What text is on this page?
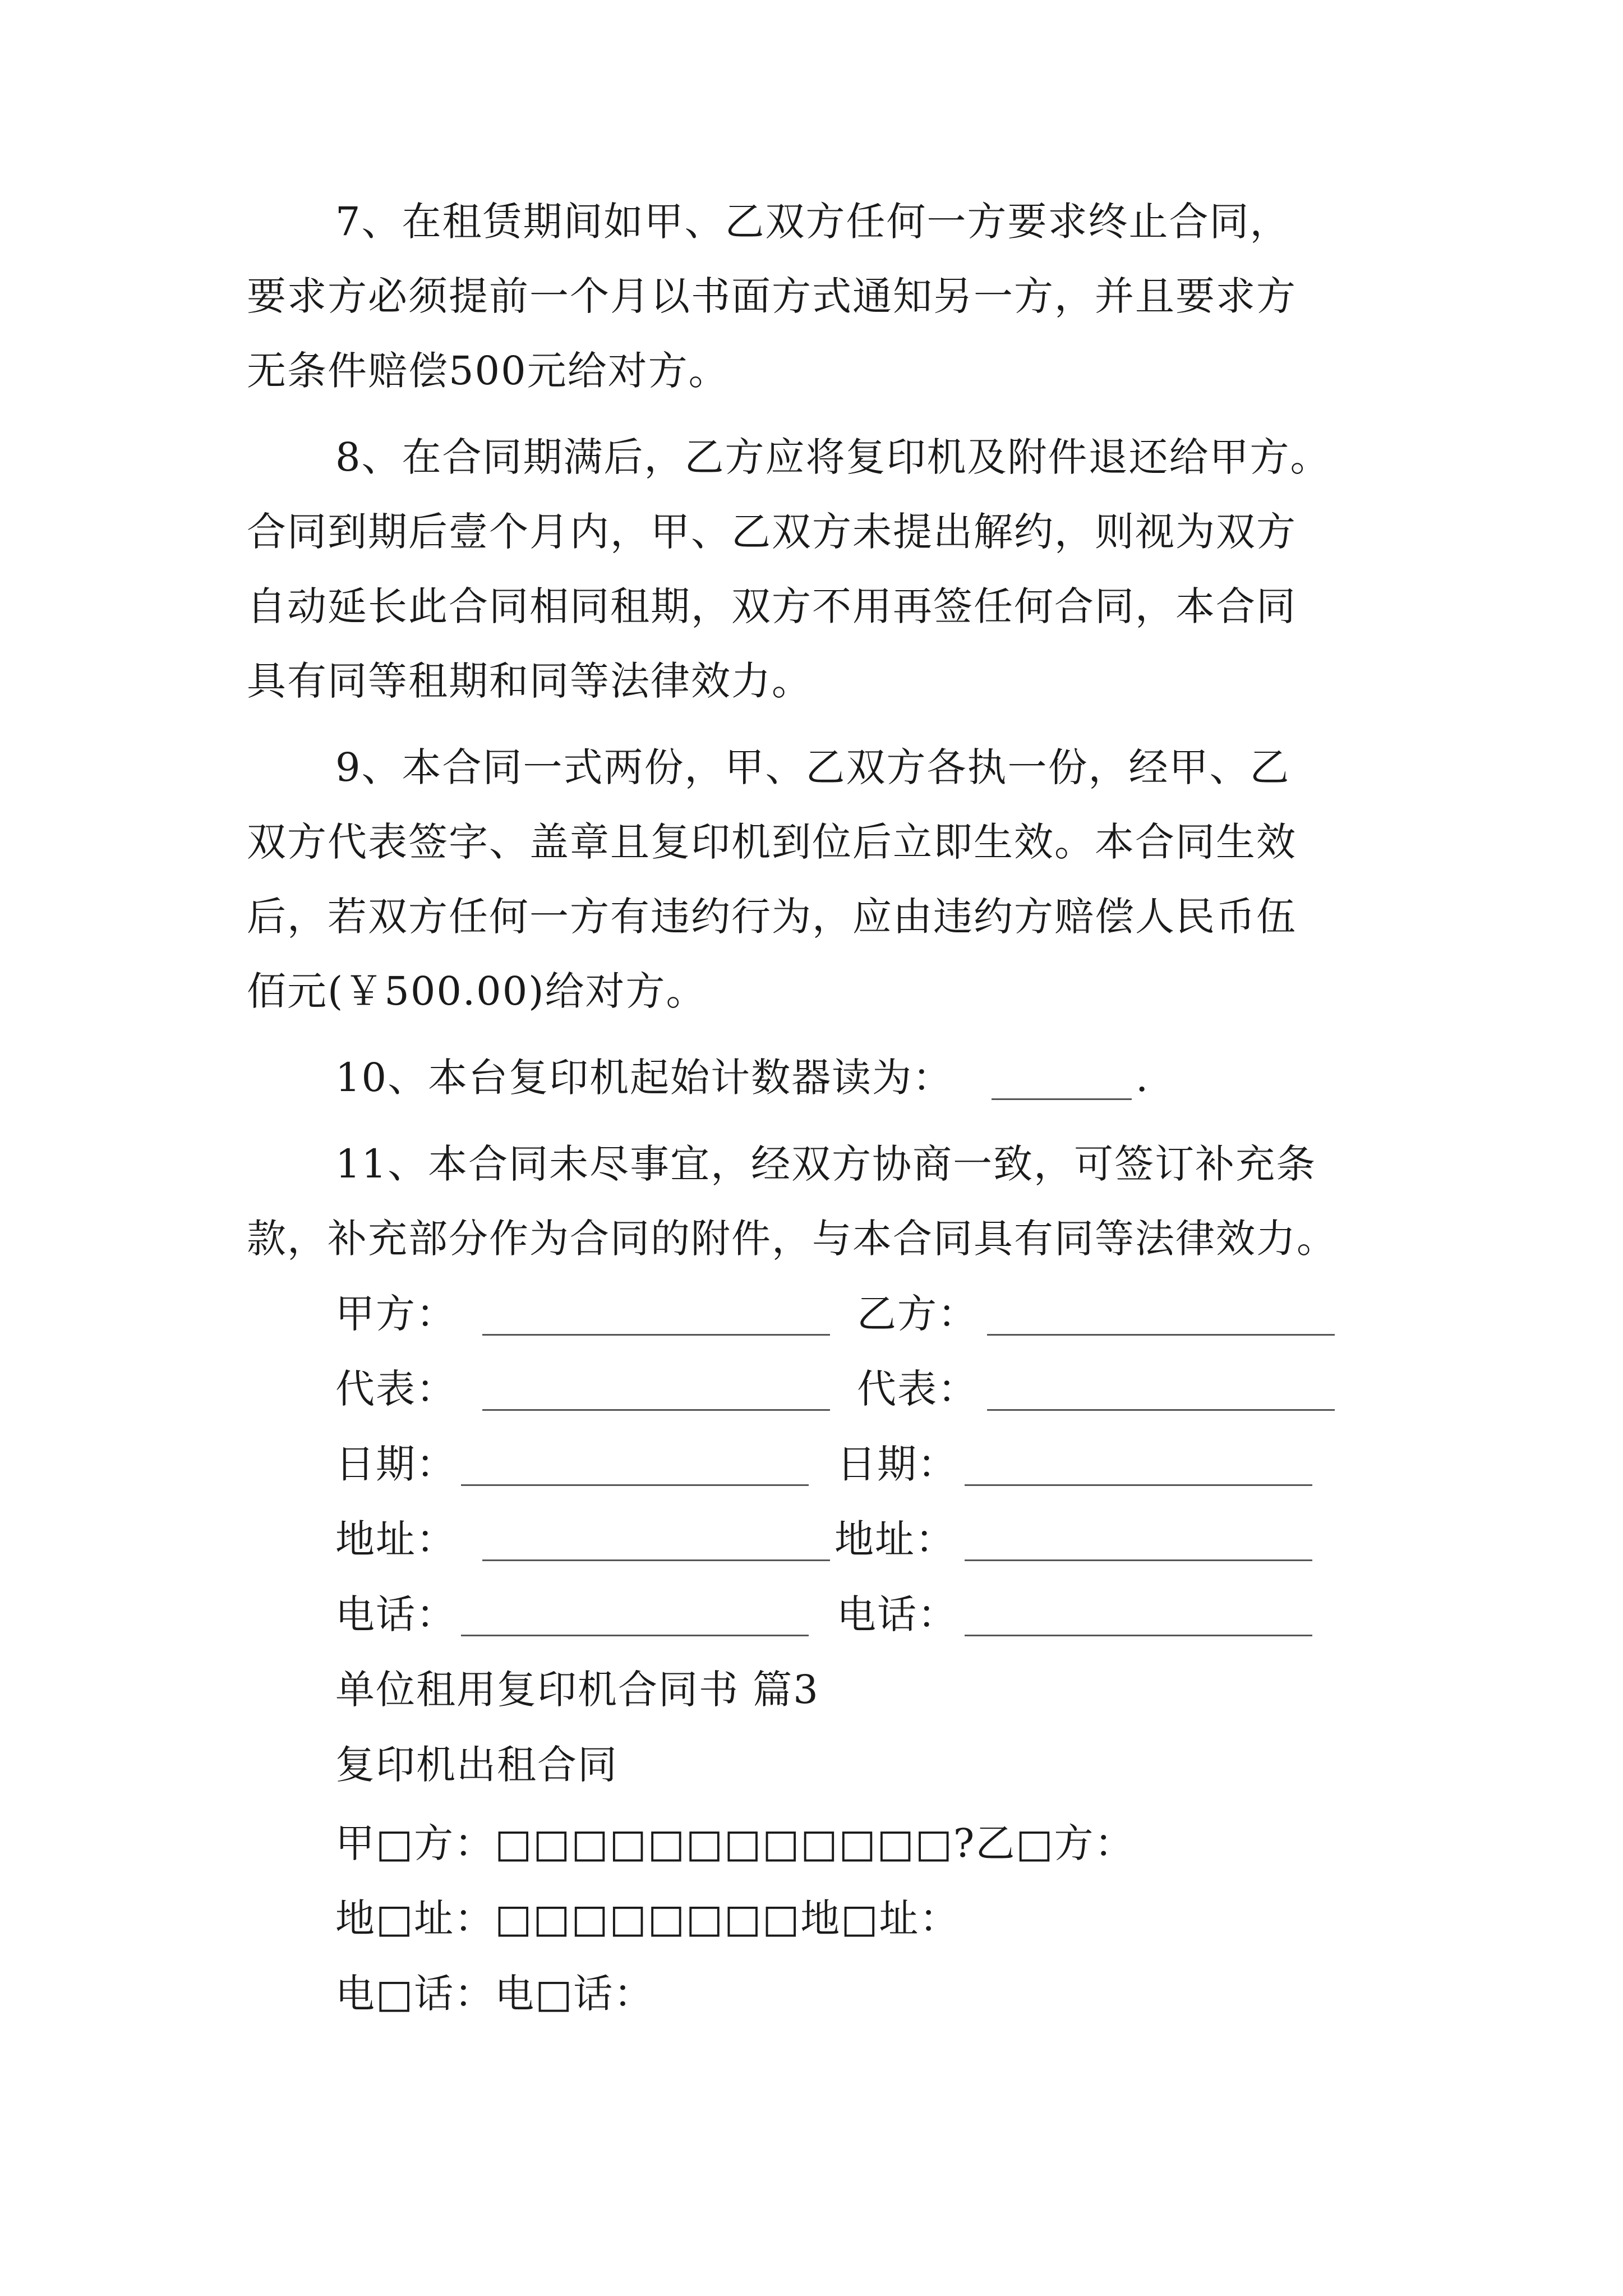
7、在租赁期间如甲、乙双方任何一方要求终止合同，
要求方必须提前一个月以书面方式通知另一方，并且要求方
无条件赔偿500元给对方。
8、在合同期满后，乙方应将复印机及附件退还给甲方。
合同到期后壹个月内，甲、乙双方未提出解约，则视为双方
自动延长此合同相同租期，双方不用再签任何合同，本合同
具有同等租期和同等法律效力。
9、本合同一式两份，甲、乙双方各执一份，经甲、乙
双方代表签字、盖章且复印机到位后立即生效。本合同生效
后，若双方任何一方有违约行为，应由违约方赔偿人民币伍
佰元(￥500.00)给对方。
10、本台复印机起始计数器读为：	.
11、本合同未尽事宜，经双方协商一致，可签订补充条
款，补充部分作为合同的附件，与本合同具有同等法律效力。
甲方：	乙方：
代表：	代表：
日期：	日期：
地址：	地址：
电话：	电话：
单位租用复印机合同书 篇3
复印机出租合同
甲□方：□□□□□□□□□□□□?乙□方：
地□址：□□□□□□□□地□址：
电□话：电□话：
